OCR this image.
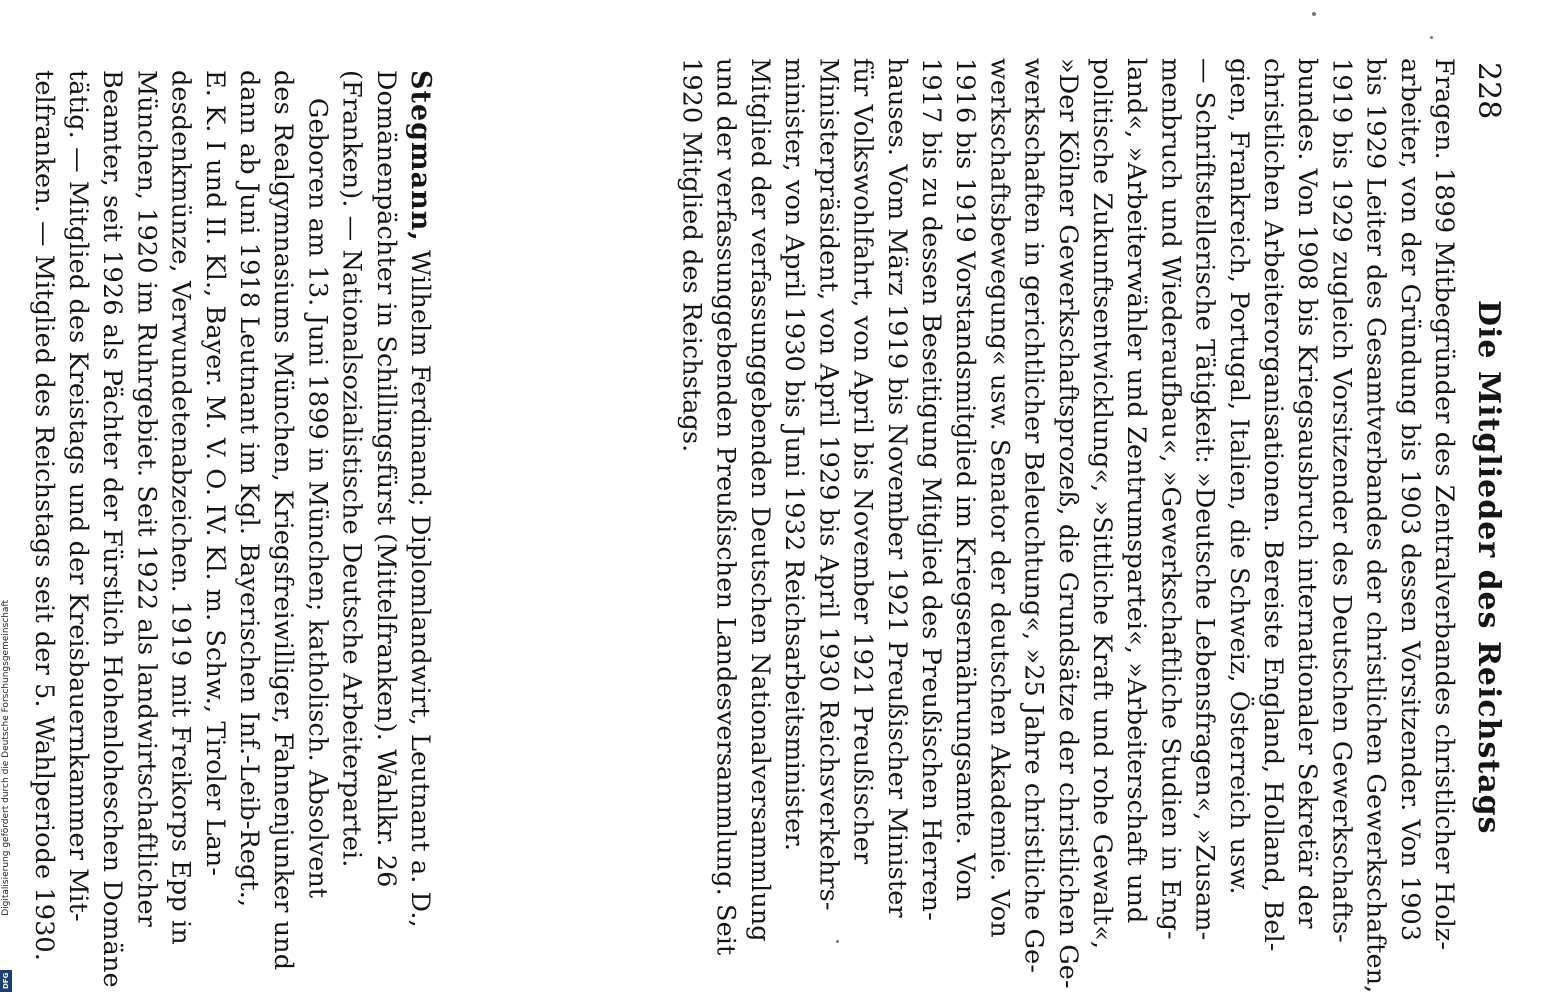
228
Die Mitglieder des Reichstags
Fragen. 1899 Mitbegründer des Zentralverbandes christlicher Holz-
arbeiter, von der Gründung bis 1903 dessen Vorsitzender. Von 1903
bis 1929 Leiter des Gesamtverbandes der christlichen Gewerkschaften,
1919 bis 1929 zugleich Vorsitzender des Deutschen Gewerkschafts-
bundes. Von 1908 bis Kriegsausbruch internationaler Sekretär der
christlichen Arbeiterorganisationen. Bereiste England, Holland, Bel-
gien, Frankreich, Portugal, Italien, die Schweiz, Österreich usw.
— Schriftstellerische Tätigkeit: »Deutsche Lebensfragen«, »Zusam-
menbruch und Wiederaufbau«, »Gewerkschaftliche Studien in Eng-
land«, »Arbeiterwähler und Zentrumspartei«, »Arbeiterschaft und
politische Zukunftsentwicklung«, »Sittliche Kraft und rohe Gewalt«,
»Der Kölner Gewerkschaftsprozeß, die Grundsätze der christlichen Ge-
werkschaften in gerichtlicher Beleuchtung«, »25 Jahre christliche Ge-
werkschaftsbewegung« usw. Senator der deutschen Akademie. Von
1916 bis 1919 Vorstandsmitglied im Kriegsernährungsamte. Von
1917 bis zu dessen Beseitigung Mitglied des Preußischen Herren-
hauses. Vom März 1919 bis November 1921 Preußischer Minister
für Volkswohlfahrt, von April bis November 1921 Preußischer
Ministerpräsident, von April 1929 bis April 1930 Reichsverkehrs-
minister, von April 1930 bis Juni 1932 Reichsarbeitsminister.
Mitglied der verfassunggebenden Deutschen Nationalversammlung
und der verfassunggebenden Preußischen Landesversammlung. Seit
1920 Mitglied des Reichstags.
Stegmann, Wilhelm Ferdinand; Diplomlandwirt, Leutnant a. D.,
Domänenpächter in Schillingsfürst (Mittelfranken). Wahlkr. 26
(Franken). — Nationalsozialistische Deutsche Arbeiterpartei.
Geboren am 13. Juni 1899 in München; katholisch. Absolvent
des Realgymnasiums München, Kriegsfreiwilliger, Fahnenjunker und
dann ab Juni 1918 Leutnant im Kgl. Bayerischen Inf.-Leib-Regt.,
E. K. I und II. Kl., Bayer. M. V. O. IV. Kl. m. Schw., Tiroler Lan-
desdenkmünze, Verwundetenabzeichen. 1919 mit Freikorps Epp in
München, 1920 im Ruhrgebiet. Seit 1922 als landwirtschaftlicher
Beamter, seit 1926 als Pächter der Fürstlich Hohenloheschen Domäne
tätig. — Mitglied des Kreistags und der Kreisbauernkammer Mit-
telfranken. — Mitglied des Reichstags seit der 5. Wahlperiode 1930.
Digitalisierung gefördert durch die Deutsche Forschungsgemeinschaft
DFG
